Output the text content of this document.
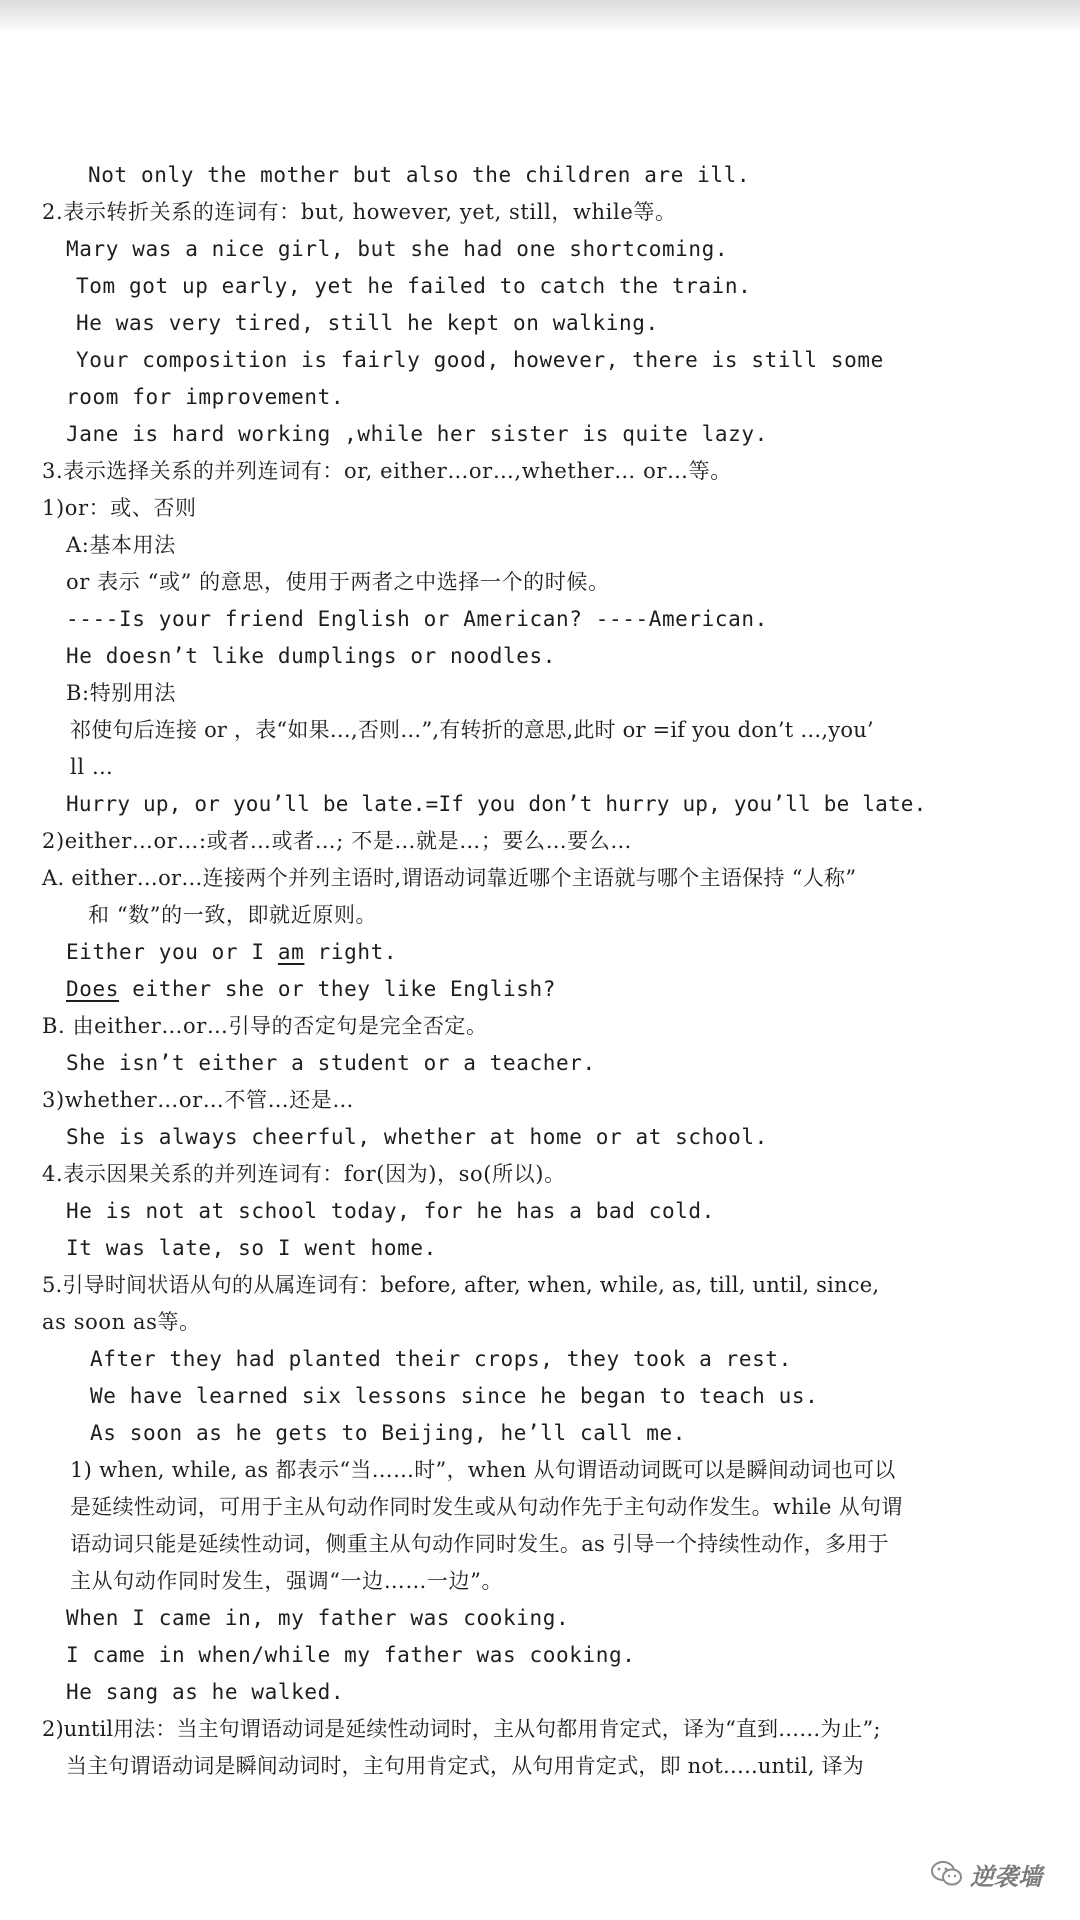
Not only the mother but also the children are ill.
2.表示转折关系的连词有：but, however, yet, still，while等。
Mary was a nice girl, but she had one shortcoming.
Tom got up early, yet he failed to catch the train.
He was very tired, still he kept on walking.
Your composition is fairly good, however, there is still some
room for improvement.
Jane is hard working ,while her sister is quite lazy.
3.表示选择关系的并列连词有：or, either…or…,whether… or…等。
1)or：或、否则
A:基本用法
or 表示 “或” 的意思，使用于两者之中选择一个的时候。
----Is your friend English or American? ----American.
He doesn’t like dumplings or noodles.
B:特别用法
祁使句后连接 or ，表“如果…,否则…”,有转折的意思,此时 or =if you don’t …,you’
ll …
Hurry up, or you’ll be late.=If you don’t hurry up, you’ll be late.
2)either…or…:或者…或者…; 不是…就是…；要么…要么…
A. either…or…连接两个并列主语时,谓语动词靠近哪个主语就与哪个主语保持 “人称”
和 “数”的一致，即就近原则。
Either you or I am right.
Does either she or they like English?
B. 由either…or…引导的否定句是完全否定。
She isn’t either a student or a teacher.
3)whether…or…不管…还是…
She is always cheerful, whether at home or at school.
4.表示因果关系的并列连词有：for(因为)，so(所以)。
He is not at school today, for he has a bad cold.
It was late, so I went home.
5.引导时间状语从句的从属连词有：before, after, when, while, as, till, until, since,
as soon as等。
After they had planted their crops, they took a rest.
We have learned six lessons since he began to teach us.
As soon as he gets to Beijing, he’ll call me.
1) when, while, as 都表示“当……时”，when 从句谓语动词既可以是瞬间动词也可以
是延续性动词，可用于主从句动作同时发生或从句动作先于主句动作发生。while 从句谓
语动词只能是延续性动词，侧重主从句动作同时发生。as 引导一个持续性动作，多用于
主从句动作同时发生，强调“一边……一边”。
When I came in, my father was cooking.
I came in when/while my father was cooking.
He sang as he walked.
2)until用法：当主句谓语动词是延续性动词时，主从句都用肯定式，译为“直到……为止”;
当主句谓语动词是瞬间动词时，主句用肯定式，从句用肯定式，即 not…..until, 译为
逆袭墙
